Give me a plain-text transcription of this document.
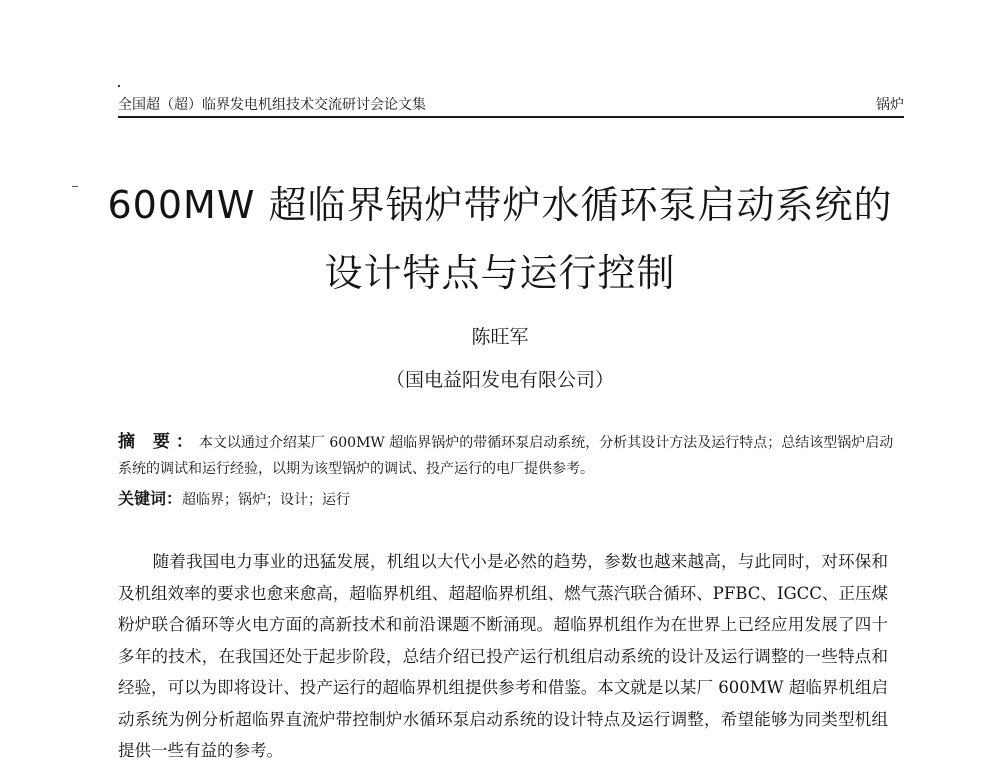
全国超（超）临界发电机组技术交流研讨会论文集	锅炉
600MW 超临界锅炉带炉水循环泵启动系统的
设计特点与运行控制
陈旺军
（国电益阳发电有限公司）
摘 要：本文以通过介绍某厂 600MW 超临界锅炉的带循环泵启动系统，分析其设计方法及运行特点；总结该型锅炉启动系统的调试和运行经验，以期为该型锅炉的调试、投产运行的电厂提供参考。
关键词：超临界；锅炉；设计；运行
随着我国电力事业的迅猛发展，机组以大代小是必然的趋势，参数也越来越高，与此同时，对环保和及机组效率的要求也愈来愈高，超临界机组、超超临界机组、燃气蒸汽联合循环、PFBC、IGCC、正压煤粉炉联合循环等火电方面的高新技术和前沿课题不断涌现。超临界机组作为在世界上已经应用发展了四十多年的技术，在我国还处于起步阶段，总结介绍已投产运行机组启动系统的设计及运行调整的一些特点和经验，可以为即将设计、投产运行的超临界机组提供参考和借鉴。本文就是以某厂 600MW 超临界机组启动系统为例分析超临界直流炉带控制炉水循环泵启动系统的设计特点及运行调整，希望能够为同类型机组提供一些有益的参考。
